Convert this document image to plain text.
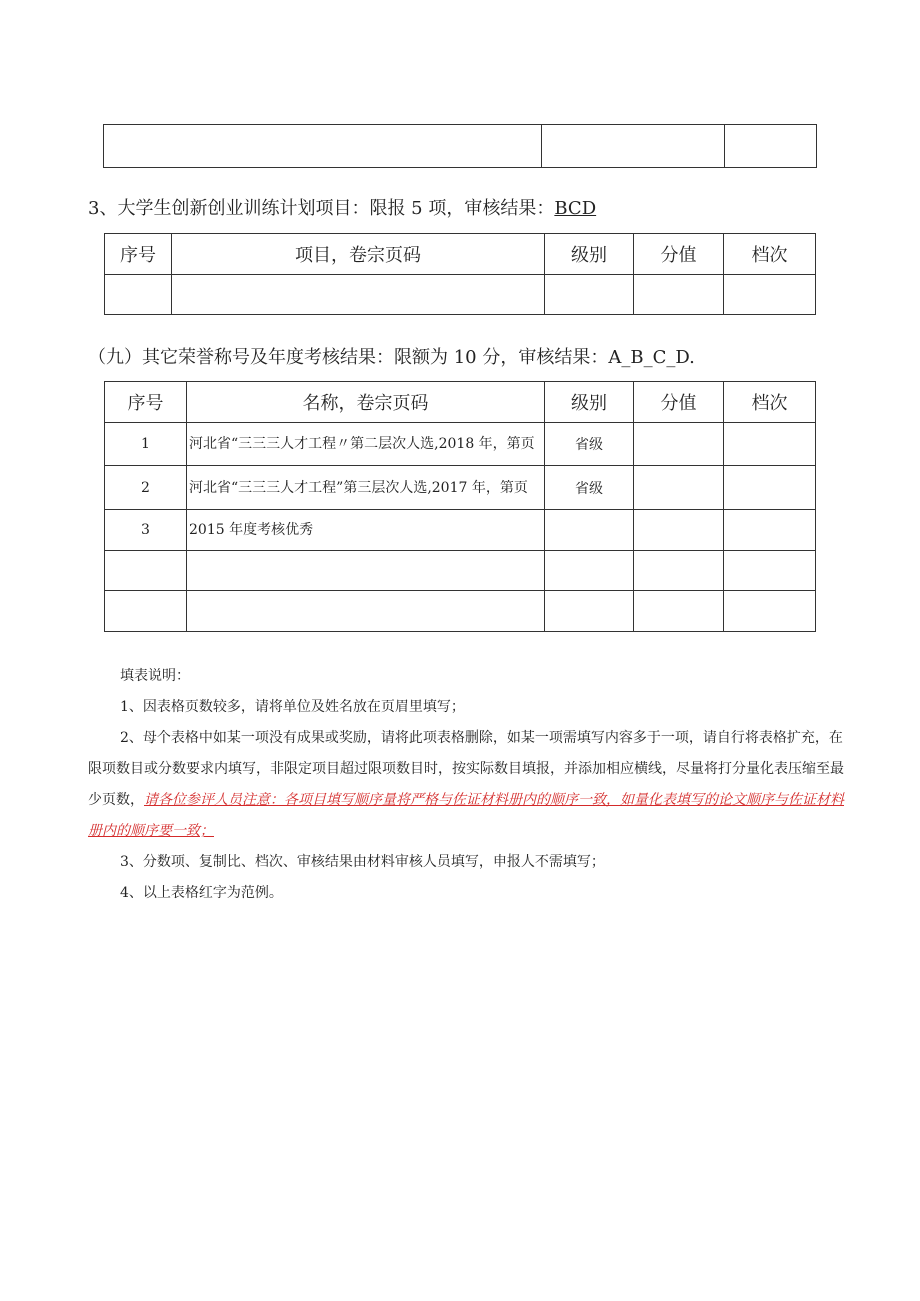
3、大学生创新创业训练计划项目：限报 5 项，审核结果：BCD
序号	项目，卷宗页码	级别	分值	档次

（九）其它荣誉称号及年度考核结果：限额为 10 分，审核结果：A_B_C_D.
序号	名称，卷宗页码	级别	分值	档次
1	河北省“三三三人才工程〃第二层次人选,2018 年，第页	省级		
2	河北省“三三三人才工程”第三层次人选,2017 年，第页	省级		
3	2015 年度考核优秀			

填表说明：

1、因表格页数较多，请将单位及姓名放在页眉里填写；

2、母个表格中如某一项没有成果或奖励，请将此项表格删除，如某一项需填写内容多于一项，请自行将表格扩充，在限项数目或分数要求内填写，非限定项目超过限项数目时，按实际数目填报，并添加相应横线，尽量将打分量化表压缩至最少页数，请各位参评人员注意：各项目填写顺序量将严格与佐证材料册内的顺序一致，如量化表填写的论文顺序与佐证材料册内的顺序要一致；

3、分数项、复制比、档次、审核结果由材料审核人员填写，申报人不需填写；

4、以上表格红字为范例。
